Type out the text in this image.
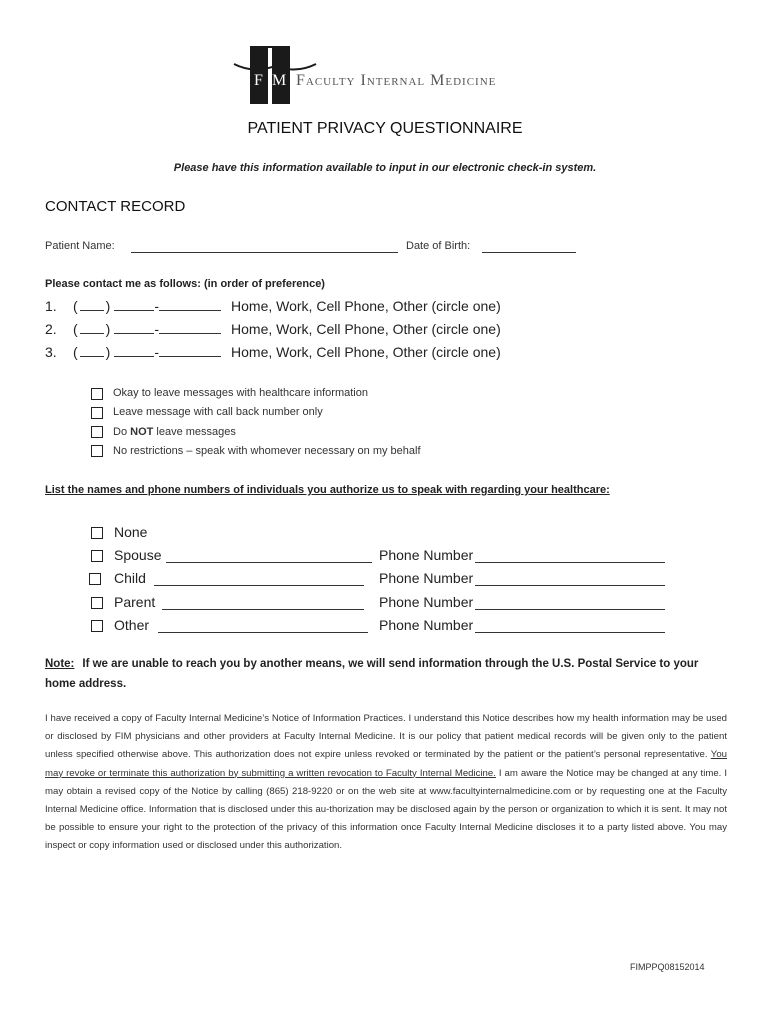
F M Faculty Internal Medicine
PATIENT PRIVACY QUESTIONNAIRE
Please have this information available to input in our electronic check-in system.
CONTACT RECORD
Patient Name:	Date of Birth:
Please contact me as follows: (in order of preference)
1.	( )	-	Home, Work, Cell Phone, Other (circle one)
2.	( )	-	Home, Work, Cell Phone, Other (circle one)
3.	( )	-	Home, Work, Cell Phone, Other (circle one)
Okay to leave messages with healthcare information
Leave message with call back number only
Do NOT leave messages
No restrictions – speak with whomever necessary on my behalf
List the names and phone numbers of individuals you authorize us to speak with regarding your healthcare:
None
Spouse	Phone Number
Child	Phone Number
Parent	Phone Number
Other	Phone Number
Note: If we are unable to reach you by another means, we will send information through the U.S. Postal Service to your home address.
I have received a copy of Faculty Internal Medicine’s Notice of Information Practices. I understand this Notice describes how my health information may be used or disclosed by FIM physicians and other providers at Faculty Internal Medicine. It is our policy that patient medical records will be given only to the patient unless specified otherwise above. This authorization does not expire unless revoked or terminated by the patient or the patient’s personal representative. You may revoke or terminate this authorization by submitting a written revocation to Faculty Internal Medicine. I am aware the Notice may be changed at any time. I may obtain a revised copy of the Notice by calling (865) 218-9220 or on the web site at www.facultyinternalmedicine.com or by requesting one at the Faculty Internal Medicine office. Information that is disclosed under this au-thorization may be disclosed again by the person or organization to which it is sent. It may not be possible to ensure your right to the protection of the privacy of this information once Faculty Internal Medicine discloses it to a party listed above. You may inspect or copy information used or disclosed under this authorization.
FIMPPQ08152014
